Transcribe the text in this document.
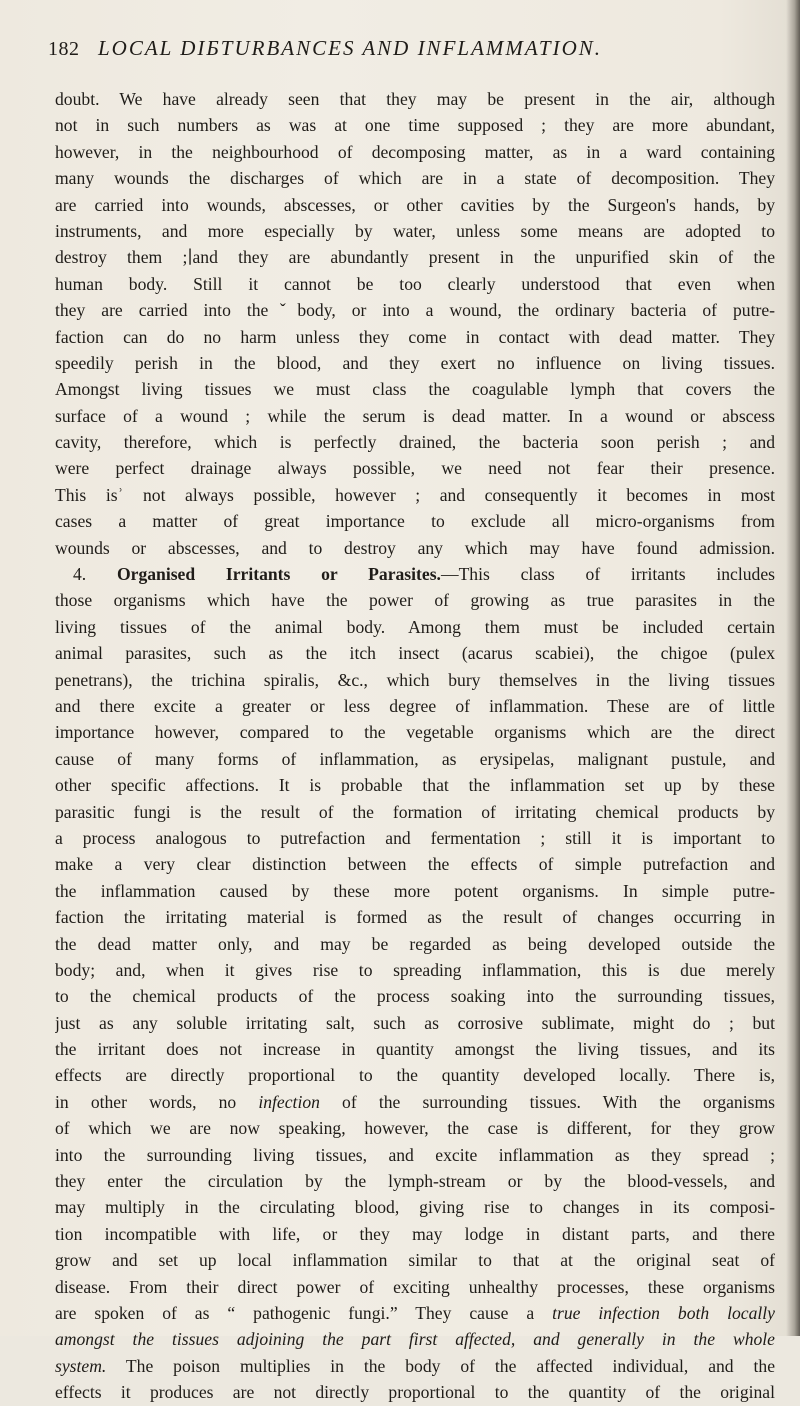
182 LOCAL DIБTURBANCES AND INFLAMMATION.
doubt. We have already seen that they may be present in the air, although
not in such numbers as was at one time supposed ; they are more abundant,
however, in the neighbourhood of decomposing matter, as in a ward containing
many wounds the discharges of which are in a state of decomposition. They
are carried into wounds, abscesses, or other cavities by the Surgeon's hands, by
instruments, and more especially by water, unless some means are adopted to
destroy them ;∣and they are abundantly present in the unpurified skin of the
human body. Still it cannot be too clearly understood that even when
they are carried into theˇbody, or into a wound, the ordinary bacteria of putre-
faction can do no harm unless they come in contact with dead matter. They
speedily perish in the blood, and they exert no influence on living tissues.
Amongst living tissues we must class the coagulable lymph that covers the
surface of a wound ; while the serum is dead matter. In a wound or abscess
cavity, therefore, which is perfectly drained, the bacteria soon perish ; and
were perfect drainage always possible, we need not fear their presence.
This isʾ not always possible, however ; and consequently it becomes in most
cases a matter of great importance to exclude all micro-organisms from
wounds or abscesses, and to destroy any which may have found admission.
4. Organised Irritants or Parasites.—This class of irritants includes
those organisms which have the power of growing as true parasites in the
living tissues of the animal body. Among them must be included certain
animal parasites, such as the itch insect (acarus scabiei), the chigoe (pulex
penetrans), the trichina spiralis, &c., which bury themselves in the living tissues
and there excite a greater or less degree of inflammation. These are of little
importance however, compared to the vegetable organisms which are the direct
cause of many forms of inflammation, as erysipelas, malignant pustule, and
other specific affections. It is probable that the inflammation set up by these
parasitic fungi is the result of the formation of irritating chemical products by
a process analogous to putrefaction and fermentation ; still it is important to
make a very clear distinction between the effects of simple putrefaction and
the inflammation caused by these more potent organisms. In simple putre-
faction the irritating material is formed as the result of changes occurring in
the dead matter only, and may be regarded as being developed outside the
body; and, when it gives rise to spreading inflammation, this is due merely
to the chemical products of the process soaking into the surrounding tissues,
just as any soluble irritating salt, such as corrosive sublimate, might do ; but
the irritant does not increase in quantity amongst the living tissues, and its
effects are directly proportional to the quantity developed locally. There is,
in other words, no infection of the surrounding tissues. With the organisms
of which we are now speaking, however, the case is different, for they grow
into the surrounding living tissues, and excite inflammation as they spread ;
they enter the circulation by the lymph-stream or by the blood-vessels, and
may multiply in the circulating blood, giving rise to changes in its composi-
tion incompatible with life, or they may lodge in distant parts, and there
grow and set up local inflammation similar to that at the original seat of
disease. From their direct power of exciting unhealthy processes, these organisms
are spoken of as “ pathogenic fungi.” They cause a true infection both locally
amongst the tissues adjoining the part first affected, and generally in the whole
system. The poison multiplies in the body of the affected individual, and the
effects it produces are not directly proportional to the quantity of the original
